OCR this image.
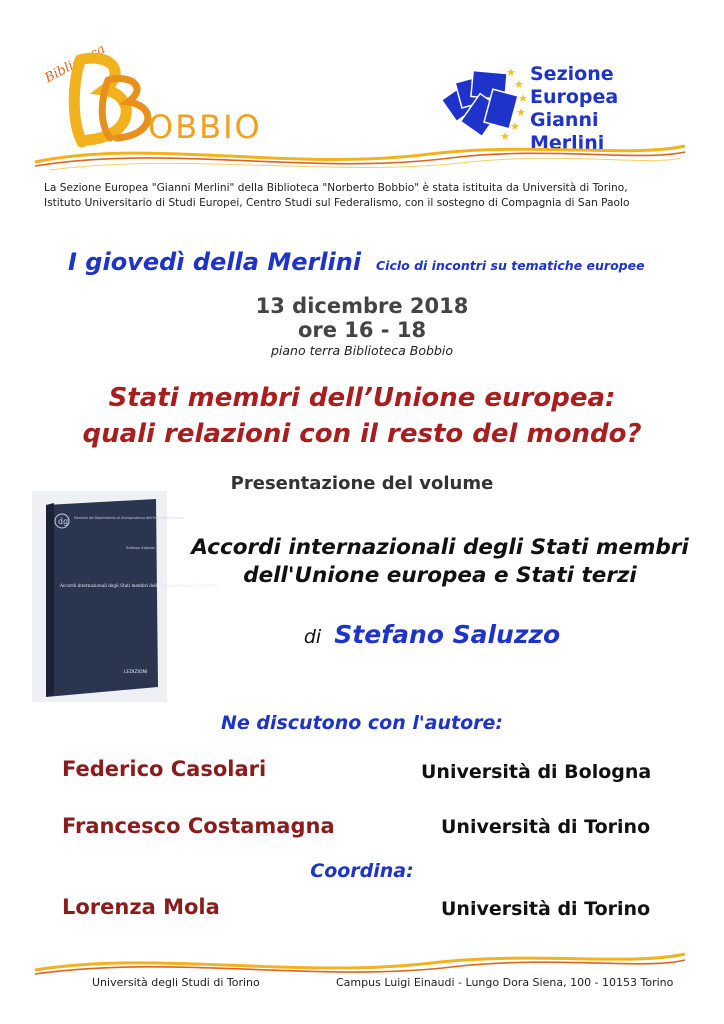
Biblioteca
OBBIO
★
★
★
★
★
★
Sezione
Europea
Gianni
Merlini
La Sezione Europea "Gianni Merlini" della Biblioteca "Norberto Bobbio" è stata istituita da Università di Torino,
Istituto Universitario di Studi Europei, Centro Studi sul Federalismo, con il sostegno di Compagnia di San Paolo
I giovedì della Merlini Ciclo di incontri su tematiche europee
13 dicembre 2018
ore 16 - 18
piano terra Biblioteca Bobbio
Stati membri dell’Unione europea:
quali relazioni con il resto del mondo?
Presentazione del volume
dg Memorie del Dipartimento di Giurisprudenza dell'Università di Torino
Stefano Saluzzo
Accordi internazionali degli Stati membri dell'Unione europea e Stati terzi
LEDIZIONI
Accordi internazionali degli Stati membri
dell'Unione europea e Stati terzi
di Stefano Saluzzo
Ne discutono con l'autore:
Federico Casolari	Università di Bologna
Francesco Costamagna	Università di Torino
Coordina:
Lorenza Mola	Università di Torino
Università degli Studi di Torino	Campus Luigi Einaudi - Lungo Dora Siena, 100 - 10153 Torino
